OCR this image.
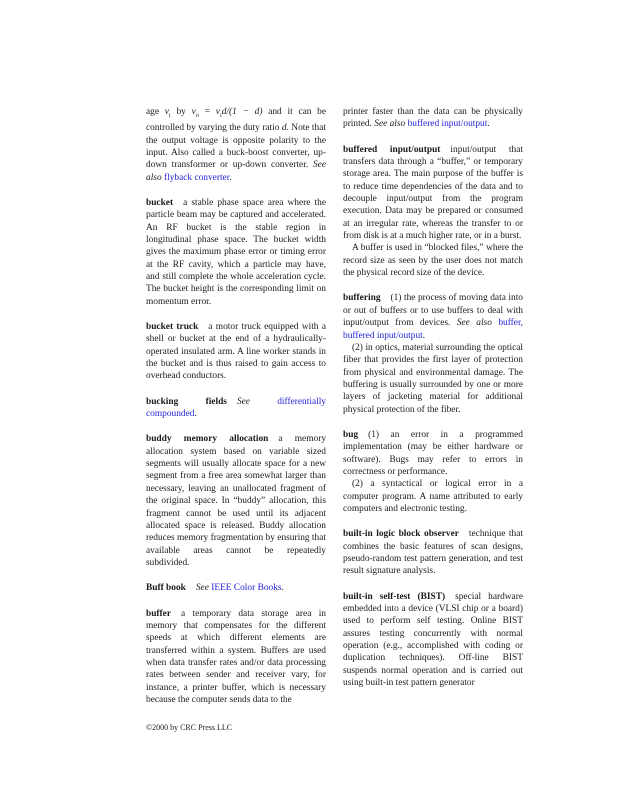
age $v_i$ by $v_o = v_id/(1 - d)$ and it can be controlled by varying the duty ratio d. Note that the output voltage is opposite polarity to the input. Also called a buck-boost converter, up-down transformer or up-down converter. See also flyback converter.

bucket a stable phase space area where the particle beam may be captured and accelerated. An RF bucket is the stable region in longitudinal phase space. The bucket width gives the maximum phase error or timing error at the RF cavity, which a particle may have, and still complete the whole acceleration cycle. The bucket height is the corresponding limit on momentum error.

bucket truck a motor truck equipped with a shell or bucket at the end of a hydraulically-operated insulated arm. A line worker stands in the bucket and is thus raised to gain access to overhead conductors.

bucking fields See	differentially compounded.

buddy memory allocation a memory allocation system based on variable sized segments will usually allocate space for a new segment from a free area somewhat larger than necessary, leaving an unallocated fragment of the original space. In “buddy” allocation, this fragment cannot be used until its adjacent allocated space is released. Buddy allocation reduces memory fragmentation by ensuring that available areas cannot be repeatedly subdivided.

Buff book See IEEE Color Books.

buffer a temporary data storage area in memory that compensates for the different speeds at which different elements are transferred within a system. Buffers are used when data transfer rates and/or data processing rates between sender and receiver vary, for instance, a printer buffer, which is necessary because the computer sends data to the

printer faster than the data can be physically printed. See also buffered input/output.

buffered input/output input/output that transfers data through a “buffer,” or temporary storage area. The main purpose of the buffer is to reduce time dependencies of the data and to decouple input/output from the program execution. Data may be prepared or consumed at an irregular rate, whereas the transfer to or from disk is at a much higher rate, or in a burst.

A buffer is used in “blocked files,” where the record size as seen by the user does not match the physical record size of the device.

buffering (1) the process of moving data into or out of buffers or to use buffers to deal with input/output from devices. See also buffer, buffered input/output.

(2) in optics, material surrounding the optical fiber that provides the first layer of protection from physical and environmental damage. The buffering is usually surrounded by one or more layers of jacketing material for additional physical protection of the fiber.

bug (1) an error in a programmed implementation (may be either hardware or software). Bugs may refer to errors in correctness or performance.

(2) a syntactical or logical error in a computer program. A name attributed to early computers and electronic testing.

built-in logic block observer technique that combines the basic features of scan designs, pseudo-random test pattern generation, and test result signature analysis.

built-in self-test (BIST) special hardware embedded into a device (VLSI chip or a board) used to perform self testing. Online BIST assures testing concurrently with normal operation (e.g., accomplished with coding or duplication techniques). Off-line BIST suspends normal operation and is carried out using built-in test pattern generator

©2000 by CRC Press LLC
